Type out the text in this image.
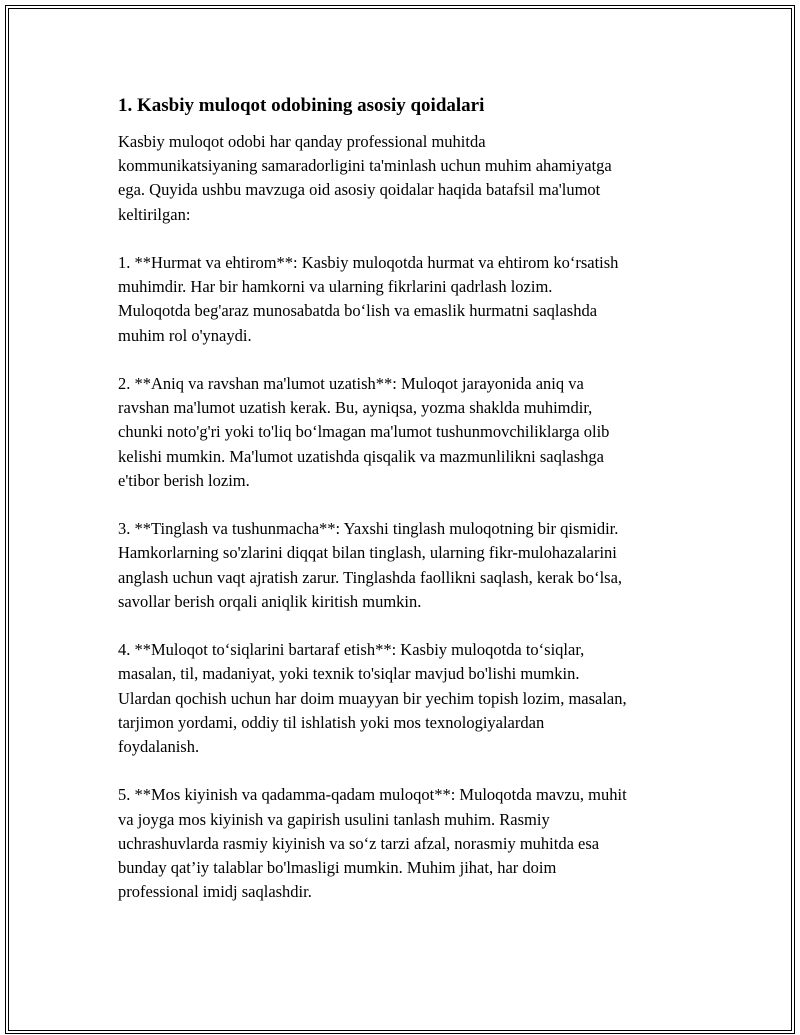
1. Kasbiy muloqot odobining asosiy qoidalari

Kasbiy muloqot odobi har qanday professional muhitda
kommunikatsiyaning samaradorligini ta'minlash uchun muhim ahamiyatga
ega. Quyida ushbu mavzuga oid asosiy qoidalar haqida batafsil ma'lumot
keltirilgan:

1. **Hurmat va ehtirom**: Kasbiy muloqotda hurmat va ehtirom ko‘rsatish
muhimdir. Har bir hamkorni va ularning fikrlarini qadrlash lozim.
Muloqotda beg'araz munosabatda bo‘lish va emaslik hurmatni saqlashda
muhim rol o'ynaydi.

2. **Aniq va ravshan ma'lumot uzatish**: Muloqot jarayonida aniq va
ravshan ma'lumot uzatish kerak. Bu, ayniqsa, yozma shaklda muhimdir,
chunki noto'g'ri yoki to'liq bo‘lmagan ma'lumot tushunmovchiliklarga olib
kelishi mumkin. Ma'lumot uzatishda qisqalik va mazmunlilikni saqlashga
e'tibor berish lozim.

3. **Tinglash va tushunmacha**: Yaxshi tinglash muloqotning bir qismidir.
Hamkorlarning so'zlarini diqqat bilan tinglash, ularning fikr-mulohazalarini
anglash uchun vaqt ajratish zarur. Tinglashda faollikni saqlash, kerak bo‘lsa,
savollar berish orqali aniqlik kiritish mumkin.

4. **Muloqot to‘siqlarini bartaraf etish**: Kasbiy muloqotda to‘siqlar,
masalan, til, madaniyat, yoki texnik to'siqlar mavjud bo'lishi mumkin.
Ulardan qochish uchun har doim muayyan bir yechim topish lozim, masalan,
tarjimon yordami, oddiy til ishlatish yoki mos texnologiyalardan
foydalanish.

5. **Mos kiyinish va qadamma-qadam muloqot**: Muloqotda mavzu, muhit
va joyga mos kiyinish va gapirish usulini tanlash muhim. Rasmiy
uchrashuvlarda rasmiy kiyinish va so‘z tarzi afzal, norasmiy muhitda esa
bunday qat’iy talablar bo'lmasligi mumkin. Muhim jihat, har doim
professional imidj saqlashdir.
